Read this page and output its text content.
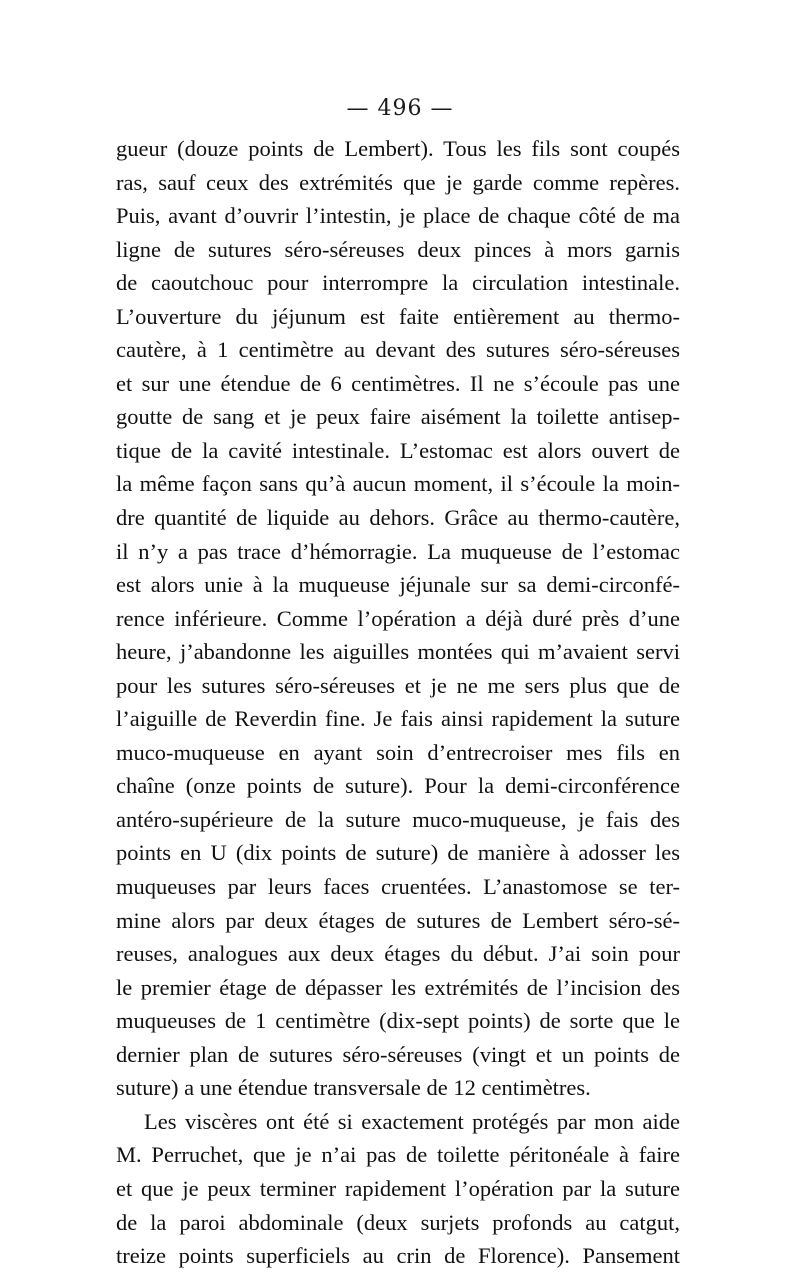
— 496 —
gueur (douze points de Lembert). Tous les fils sont coupés
ras, sauf ceux des extrémités que je garde comme repères.
Puis, avant d’ouvrir l’intestin, je place de chaque côté de ma
ligne de sutures séro-séreuses deux pinces à mors garnis
de caoutchouc pour interrompre la circulation intestinale.
L’ouverture du jéjunum est faite entièrement au thermo-
cautère, à 1 centimètre au devant des sutures séro-séreuses
et sur une étendue de 6 centimètres. Il ne s’écoule pas une
goutte de sang et je peux faire aisément la toilette antisep-
tique de la cavité intestinale. L’estomac est alors ouvert de
la même façon sans qu’à aucun moment, il s’écoule la moin-
dre quantité de liquide au dehors. Grâce au thermo-cautère,
il n’y a pas trace d’hémorragie. La muqueuse de l’estomac
est alors unie à la muqueuse jéjunale sur sa demi-circonfé-
rence inférieure. Comme l’opération a déjà duré près d’une
heure, j’abandonne les aiguilles montées qui m’avaient servi
pour les sutures séro-séreuses et je ne me sers plus que de
l’aiguille de Reverdin fine. Je fais ainsi rapidement la suture
muco-muqueuse en ayant soin d’entrecroiser mes fils en
chaîne (onze points de suture). Pour la demi-circonférence
antéro-supérieure de la suture muco-muqueuse, je fais des
points en U (dix points de suture) de manière à adosser les
muqueuses par leurs faces cruentées. L’anastomose se ter-
mine alors par deux étages de sutures de Lembert séro-sé-
reuses, analogues aux deux étages du début. J’ai soin pour
le premier étage de dépasser les extrémités de l’incision des
muqueuses de 1 centimètre (dix-sept points) de sorte que le
dernier plan de sutures séro-séreuses (vingt et un points de
suture) a une étendue transversale de 12 centimètres.
Les viscères ont été si exactement protégés par mon aide
M. Perruchet, que je n’ai pas de toilette péritonéale à faire
et que je peux terminer rapidement l’opération par la suture
de la paroi abdominale (deux surjets profonds au catgut,
treize points superficiels au crin de Florence). Pansement
